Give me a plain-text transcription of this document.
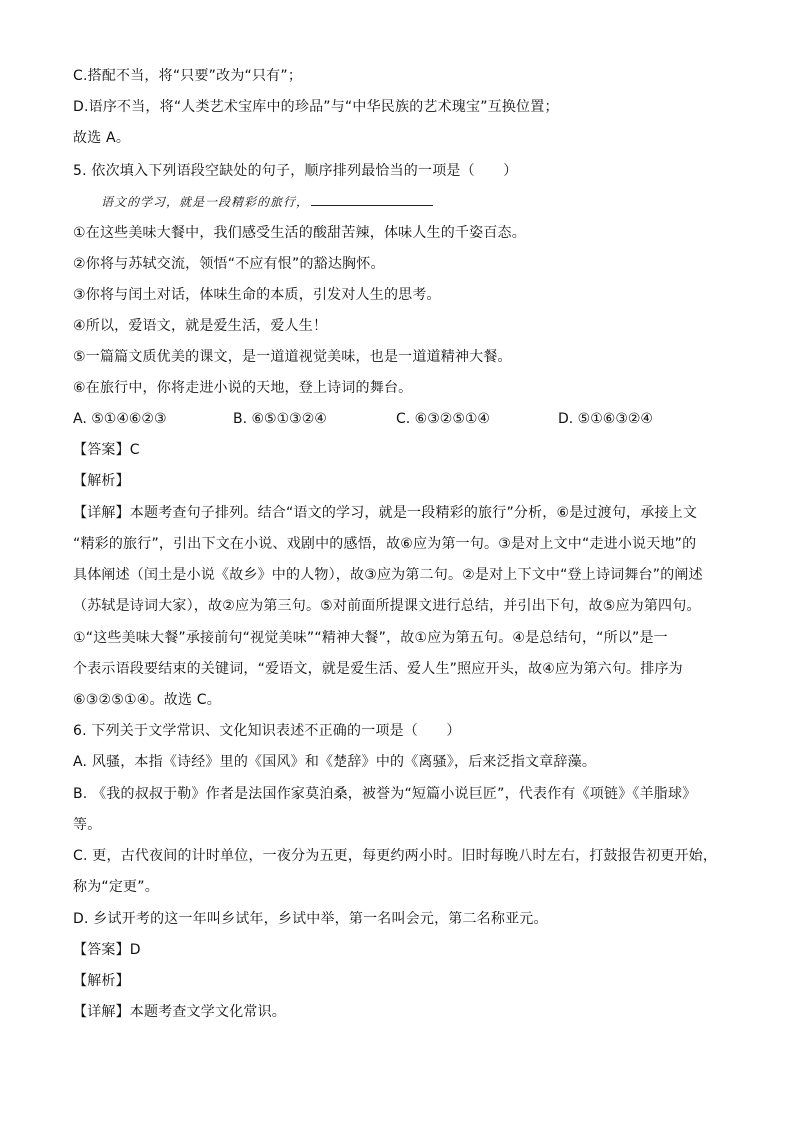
C.搭配不当，将“只要”改为“只有”；
D.语序不当，将“人类艺术宝库中的珍品”与“中华民族的艺术瑰宝”互换位置；
故选 A。
5. 依次填入下列语段空缺处的句子，顺序排列最恰当的一项是（　　）
语文的学习，就是一段精彩的旅行，
①在这些美味大餐中，我们感受生活的酸甜苦辣，体味人生的千姿百态。
②你将与苏轼交流，领悟“不应有恨”的豁达胸怀。
③你将与闰土对话，体味生命的本质，引发对人生的思考。
④所以，爱语文，就是爱生活，爱人生！
⑤一篇篇文质优美的课文，是一道道视觉美味，也是一道道精神大餐。
⑥在旅行中，你将走进小说的天地，登上诗词的舞台。
A. ⑤①④⑥②③	B. ⑥⑤①③②④	C. ⑥③②⑤①④	D. ⑤①⑥③②④
【答案】C
【解析】
【详解】本题考查句子排列。结合“语文的学习，就是一段精彩的旅行”分析，⑥是过渡句，承接上文
“精彩的旅行”，引出下文在小说、戏剧中的感悟，故⑥应为第一句。③是对上文中“走进小说天地”的
具体阐述（闰土是小说《故乡》中的人物），故③应为第二句。②是对上下文中“登上诗词舞台”的阐述
（苏轼是诗词大家），故②应为第三句。⑤对前面所提课文进行总结，并引出下句，故⑤应为第四句。
①“这些美味大餐”承接前句“视觉美味”“精神大餐”，故①应为第五句。④是总结句，“所以”是一
个表示语段要结束的关键词，“爱语文，就是爱生活、爱人生”照应开头，故④应为第六句。排序为
⑥③②⑤①④。故选 C。
6. 下列关于文学常识、文化知识表述不正确的一项是（　　）
A. 风骚，本指《诗经》里的《国风》和《楚辞》中的《离骚》，后来泛指文章辞藻。
B. 《我的叔叔于勒》作者是法国作家莫泊桑，被誉为“短篇小说巨匠”，代表作有《项链》《羊脂球》
等。
C. 更，古代夜间的计时单位，一夜分为五更，每更约两小时。旧时每晚八时左右，打鼓报告初更开始，
称为“定更”。
D. 乡试开考的这一年叫乡试年，乡试中举，第一名叫会元，第二名称亚元。
【答案】D
【解析】
【详解】本题考查文学文化常识。
